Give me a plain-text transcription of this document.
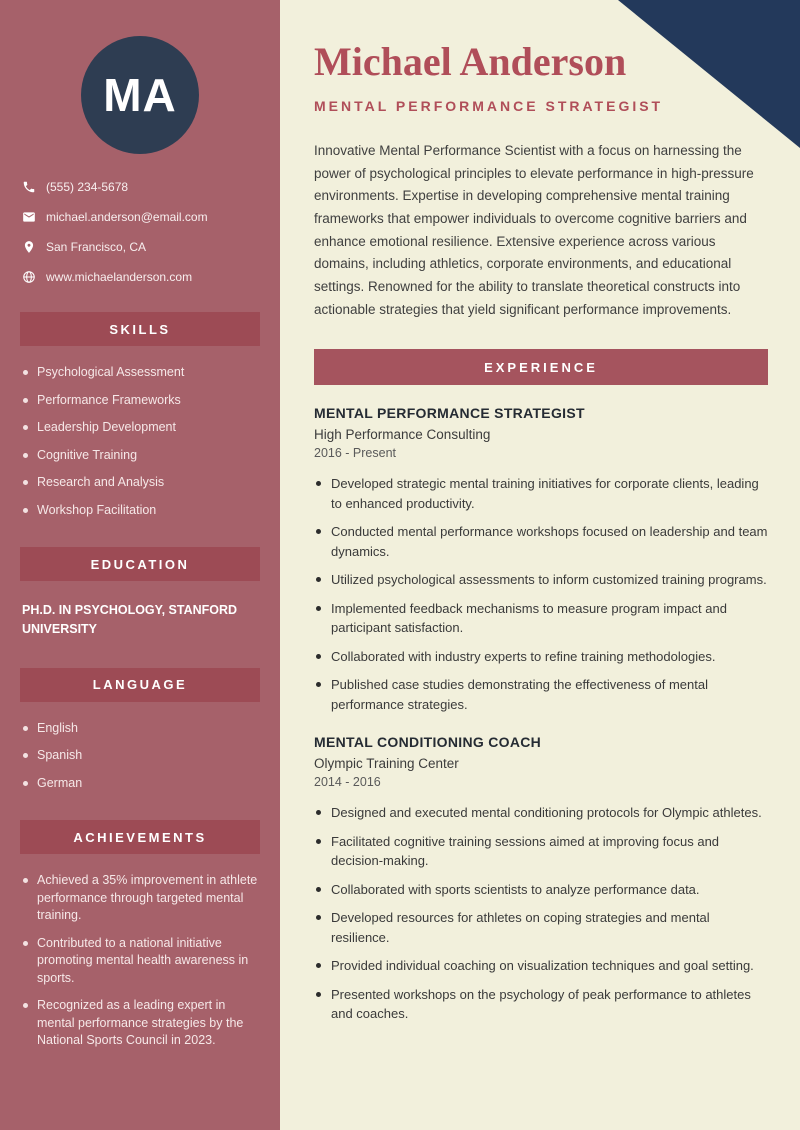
MA
(555) 234-5678
michael.anderson@email.com
San Francisco, CA
www.michaelanderson.com
SKILLS
Psychological Assessment
Performance Frameworks
Leadership Development
Cognitive Training
Research and Analysis
Workshop Facilitation
EDUCATION
PH.D. IN PSYCHOLOGY, STANFORD UNIVERSITY
LANGUAGE
English
Spanish
German
ACHIEVEMENTS
Achieved a 35% improvement in athlete performance through targeted mental training.
Contributed to a national initiative promoting mental health awareness in sports.
Recognized as a leading expert in mental performance strategies by the National Sports Council in 2023.
Michael Anderson
MENTAL PERFORMANCE STRATEGIST

Innovative Mental Performance Scientist with a focus on harnessing the power of psychological principles to elevate performance in high-pressure environments. Expertise in developing comprehensive mental training frameworks that empower individuals to overcome cognitive barriers and enhance emotional resilience. Extensive experience across various domains, including athletics, corporate environments, and educational settings. Renowned for the ability to translate theoretical constructs into actionable strategies that yield significant performance improvements.

EXPERIENCE
MENTAL PERFORMANCE STRATEGIST
High Performance Consulting
2016 - Present
Developed strategic mental training initiatives for corporate clients, leading to enhanced productivity.
Conducted mental performance workshops focused on leadership and team dynamics.
Utilized psychological assessments to inform customized training programs.
Implemented feedback mechanisms to measure program impact and participant satisfaction.
Collaborated with industry experts to refine training methodologies.
Published case studies demonstrating the effectiveness of mental performance strategies.
MENTAL CONDITIONING COACH
Olympic Training Center
2014 - 2016
Designed and executed mental conditioning protocols for Olympic athletes.
Facilitated cognitive training sessions aimed at improving focus and decision-making.
Collaborated with sports scientists to analyze performance data.
Developed resources for athletes on coping strategies and mental resilience.
Provided individual coaching on visualization techniques and goal setting.
Presented workshops on the psychology of peak performance to athletes and coaches.
